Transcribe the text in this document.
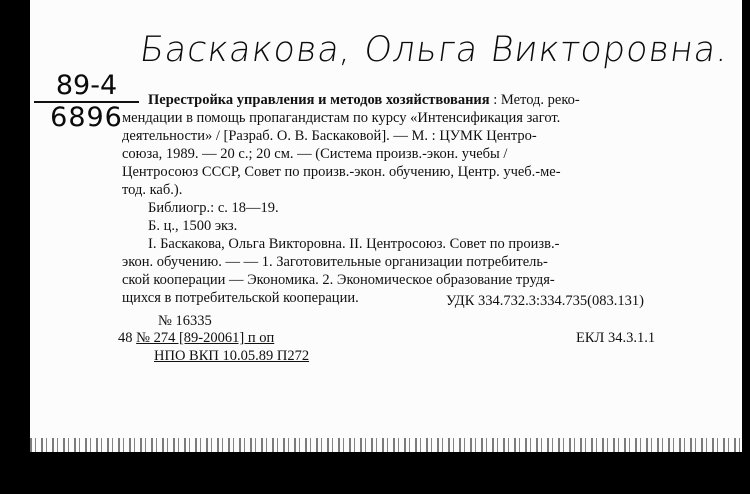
Баскакова, Ольга Викторовна.
89-4
6896
Перестройка управления и методов хозяйствования : Метод. реко-
мендации в помощь пропагандистам по курсу «Интенсификация загот.
деятельности» / [Разраб. О. В. Баскаковой]. — М. : ЦУМК Центро-
союза, 1989. — 20 с.; 20 см. — (Система произв.-экон. учебы /
Центросоюз СССР, Совет по произв.-экон. обучению, Центр. учеб.-ме-
тод. каб.).
Библиогр.: с. 18—19.
Б. ц., 1500 экз.
I. Баскакова, Ольга Викторовна. II. Центросоюз. Совет по произв.-
экон. обучению. — — 1. Заготовительные организации потребитель-
ской кооперации — Экономика. 2. Экономическое образование трудя-
щихся в потребительской кооперации.	УДК 334.732.3:334.735(083.131)
№ 16335
48 № 274 [89-20061] п оп	ЕКЛ 34.3.1.1
НПО ВКП 10.05.89 П272
